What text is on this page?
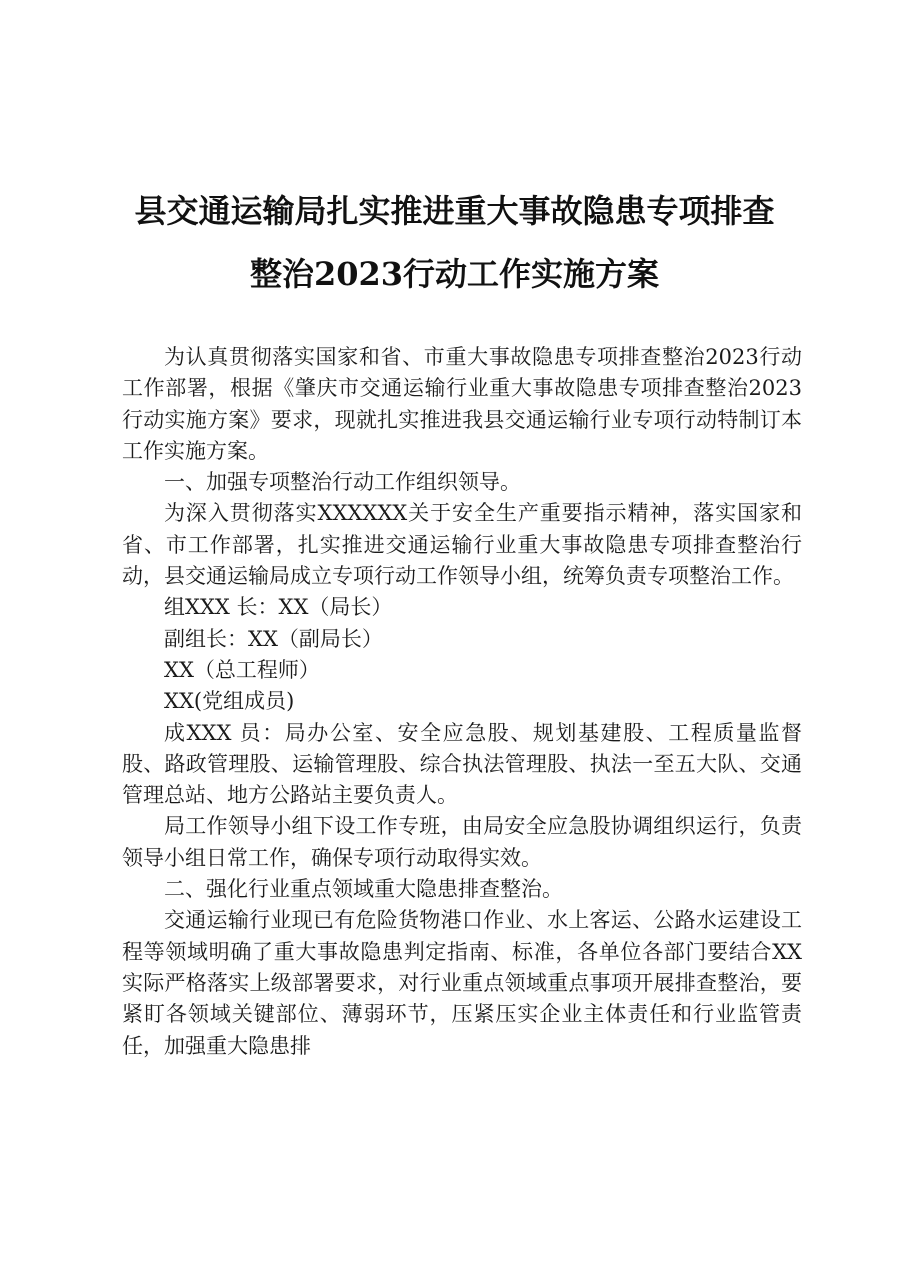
县交通运输局扎实推进重大事故隐患专项排查
整治2023行动工作实施方案

为认真贯彻落实国家和省、市重大事故隐患专项排查整治2023行动工作部署，根据《肇庆市交通运输行业重大事故隐患专项排查整治2023行动实施方案》要求，现就扎实推进我县交通运输行业专项行动特制订本工作实施方案。

一、加强专项整治行动工作组织领导。

为深入贯彻落实XXXXXX关于安全生产重要指示精神，落实国家和省、市工作部署，扎实推进交通运输行业重大事故隐患专项排查整治行动，县交通运输局成立专项行动工作领导小组，统筹负责专项整治工作。

组XXX 长：XX（局长）

副组长：XX（副局长）

XX（总工程师）

XX(党组成员)

成XXX 员：局办公室、安全应急股、规划基建股、工程质量监督股、路政管理股、运输管理股、综合执法管理股、执法一至五大队、交通管理总站、地方公路站主要负责人。

局工作领导小组下设工作专班，由局安全应急股协调组织运行，负责领导小组日常工作，确保专项行动取得实效。

二、强化行业重点领域重大隐患排查整治。

交通运输行业现已有危险货物港口作业、水上客运、公路水运建设工程等领域明确了重大事故隐患判定指南、标准，各单位各部门要结合XX实际严格落实上级部署要求，对行业重点领域重点事项开展排查整治，要紧盯各领域关键部位、薄弱环节，压紧压实企业主体责任和行业监管责任，加强重大隐患排
